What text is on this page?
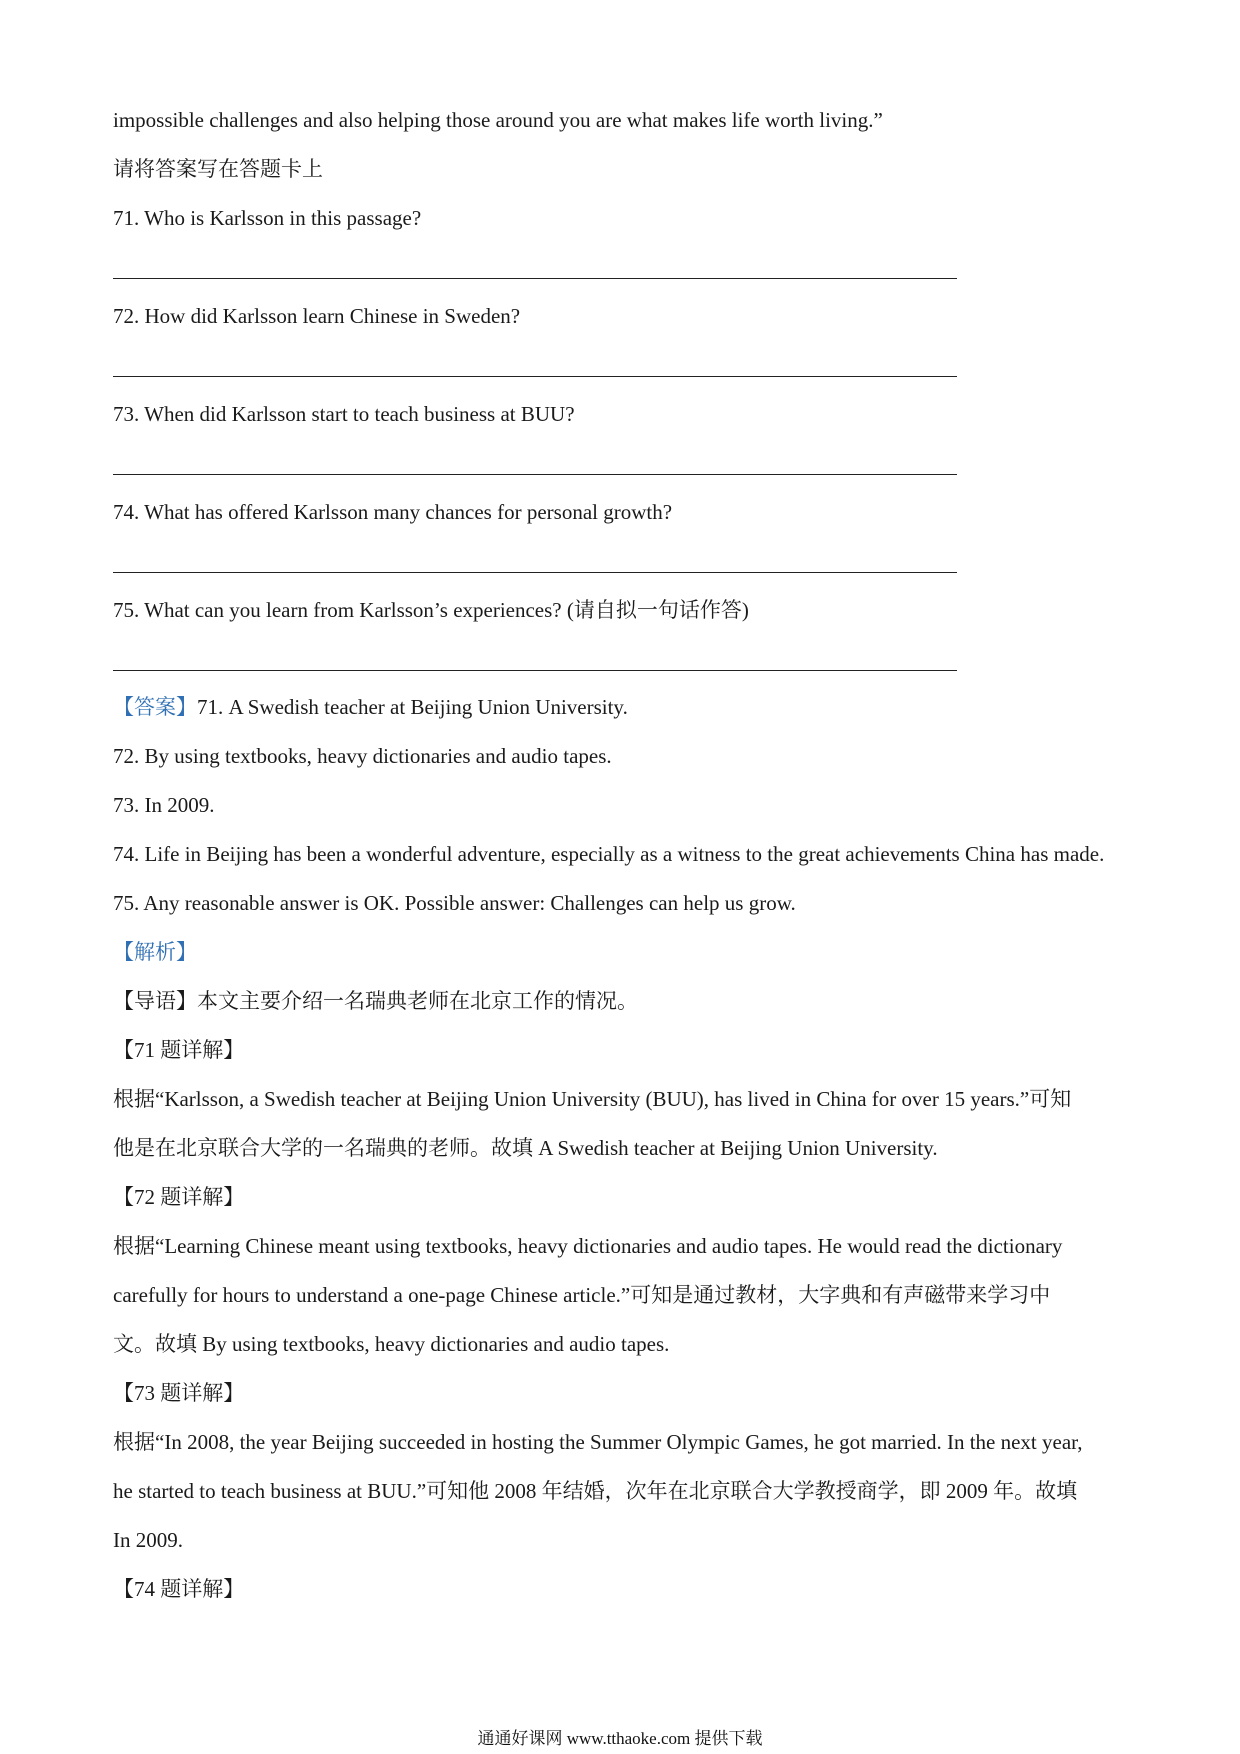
impossible challenges and also helping those around you are what makes life worth living.”
请将答案写在答题卡上
71. Who is Karlsson in this passage?
72. How did Karlsson learn Chinese in Sweden?
73. When did Karlsson start to teach business at BUU?
74. What has offered Karlsson many chances for personal growth?
75. What can you learn from Karlsson’s experiences? (请自拟一句话作答)
【答案】71. A Swedish teacher at Beijing Union University.
72. By using textbooks, heavy dictionaries and audio tapes.
73. In 2009.
74. Life in Beijing has been a wonderful adventure, especially as a witness to the great achievements China has made.
75. Any reasonable answer is OK. Possible answer: Challenges can help us grow.
【解析】
【导语】本文主要介绍一名瑞典老师在北京工作的情况。
【71 题详解】
根据“Karlsson, a Swedish teacher at Beijing Union University (BUU), has lived in China for over 15 years.”可知
他是在北京联合大学的一名瑞典的老师。故填 A Swedish teacher at Beijing Union University.
【72 题详解】
根据“Learning Chinese meant using textbooks, heavy dictionaries and audio tapes. He would read the dictionary
carefully for hours to understand a one-page Chinese article.”可知是通过教材，大字典和有声磁带来学习中
文。故填 By using textbooks, heavy dictionaries and audio tapes.
【73 题详解】
根据“In 2008, the year Beijing succeeded in hosting the Summer Olympic Games, he got married. In the next year,
he started to teach business at BUU.”可知他 2008 年结婚，次年在北京联合大学教授商学，即 2009 年。故填
In 2009.
【74 题详解】
通通好课网 www.tthaoke.com 提供下载
